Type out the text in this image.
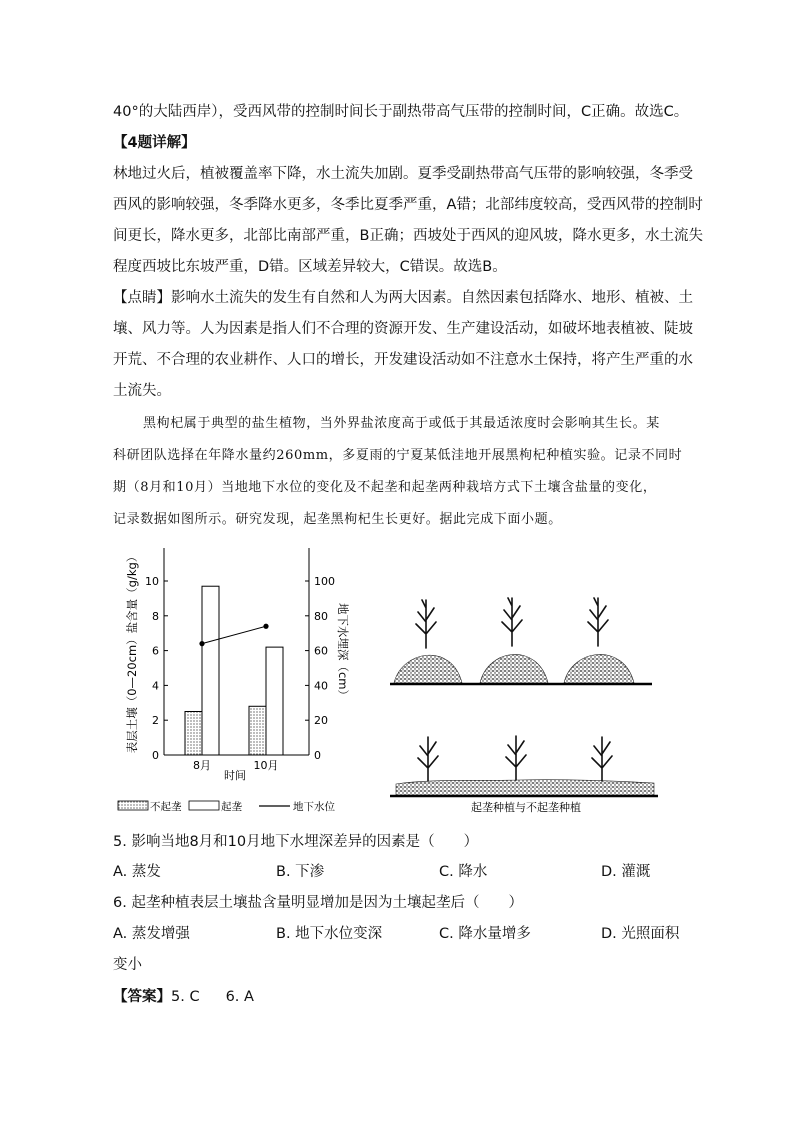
40°的大陆西岸），受西风带的控制时间长于副热带高气压带的控制时间，C正确。故选C。
【4题详解】
林地过火后，植被覆盖率下降，水土流失加剧。夏季受副热带高气压带的影响较强，冬季受
西风的影响较强，冬季降水更多，冬季比夏季严重，A错；北部纬度较高，受西风带的控制时
间更长，降水更多，北部比南部严重，B正确；西坡处于西风的迎风坡，降水更多，水土流失
程度西坡比东坡严重，D错。区域差异较大，C错误。故选B。
【点睛】影响水土流失的发生有自然和人为两大因素。自然因素包括降水、地形、植被、土
壤、风力等。人为因素是指人们不合理的资源开发、生产建设活动，如破坏地表植被、陡坡
开荒、不合理的农业耕作、人口的增长，开发建设活动如不注意水土保持，将产生严重的水
土流失。
黑枸杞属于典型的盐生植物，当外界盐浓度高于或低于其最适浓度时会影响其生长。某
科研团队选择在年降水量约260mm，多夏雨的宁夏某低洼地开展黑枸杞种植实验。记录不同时
期（8月和10月）当地地下水位的变化及不起垄和起垄两种栽培方式下土壤含盐量的变化，
记录数据如图所示。研究发现，起垄黑枸杞生长更好。据此完成下面小题。
0
2
4
6
8
10
0
20
40
60
80
100
8月	10月
表层土壤（0—20cm）盐含量（g/kg）	地下水埋深（cm）
时间
不起垄	起垄	地下水位	起垄种植与不起垄种植
5. 影响当地8月和10月地下水埋深差异的因素是（　　）
A. 蒸发	B. 下渗	C. 降水	D. 灌溉
6. 起垄种植表层土壤盐含量明显增加是因为土壤起垄后（　　）
A. 蒸发增强	B. 地下水位变深	C. 降水量增多	D. 光照面积
变小
【答案】5. C 6. A
